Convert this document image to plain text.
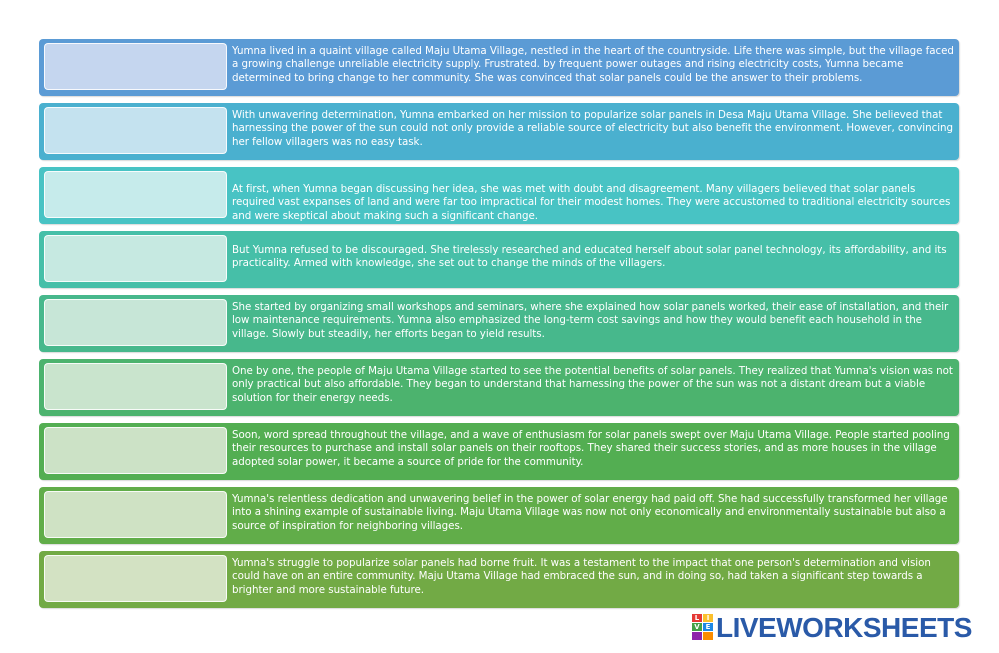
Yumna lived in a quaint village called Maju Utama Village, nestled in the heart of the countryside. Life there was simple, but the village faced a growing challenge unreliable electricity supply. Frustrated. by frequent power outages and rising electricity costs, Yumna became determined to bring change to her community. She was convinced that solar panels could be the answer to their problems.
With unwavering determination, Yumna embarked on her mission to popularize solar panels in Desa Maju Utama Village. She believed that harnessing the power of the sun could not only provide a reliable source of electricity but also benefit the environment. However, convincing her fellow villagers was no easy task.
At first, when Yumna began discussing her idea, she was met with doubt and disagreement. Many villagers believed that solar panels required vast expanses of land and were far too impractical for their modest homes. They were accustomed to traditional electricity sources and were skeptical about making such a significant change.
But Yumna refused to be discouraged. She tirelessly researched and educated herself about solar panel technology, its affordability, and its practicality. Armed with knowledge, she set out to change the minds of the villagers.
She started by organizing small workshops and seminars, where she explained how solar panels worked, their ease of installation, and their low maintenance requirements. Yumna also emphasized the long-term cost savings and how they would benefit each household in the village. Slowly but steadily, her efforts began to yield results.
One by one, the people of Maju Utama Village started to see the potential benefits of solar panels. They realized that Yumna's vision was not only practical but also affordable. They began to understand that harnessing the power of the sun was not a distant dream but a viable solution for their energy needs.
Soon, word spread throughout the village, and a wave of enthusiasm for solar panels swept over Maju Utama Village. People started pooling their resources to purchase and install solar panels on their rooftops. They shared their success stories, and as more houses in the village adopted solar power, it became a source of pride for the community.
Yumna's relentless dedication and unwavering belief in the power of solar energy had paid off. She had successfully transformed her village into a shining example of sustainable living. Maju Utama Village was now not only economically and environmentally sustainable but also a source of inspiration for neighboring villages.
Yumna's struggle to popularize solar panels had borne fruit. It was a testament to the impact that one person's determination and vision could have on an entire community. Maju Utama Village had embraced the sun, and in doing so, had taken a significant step towards a brighter and more sustainable future.
L	I
V E LIVEWORKSHEETS
